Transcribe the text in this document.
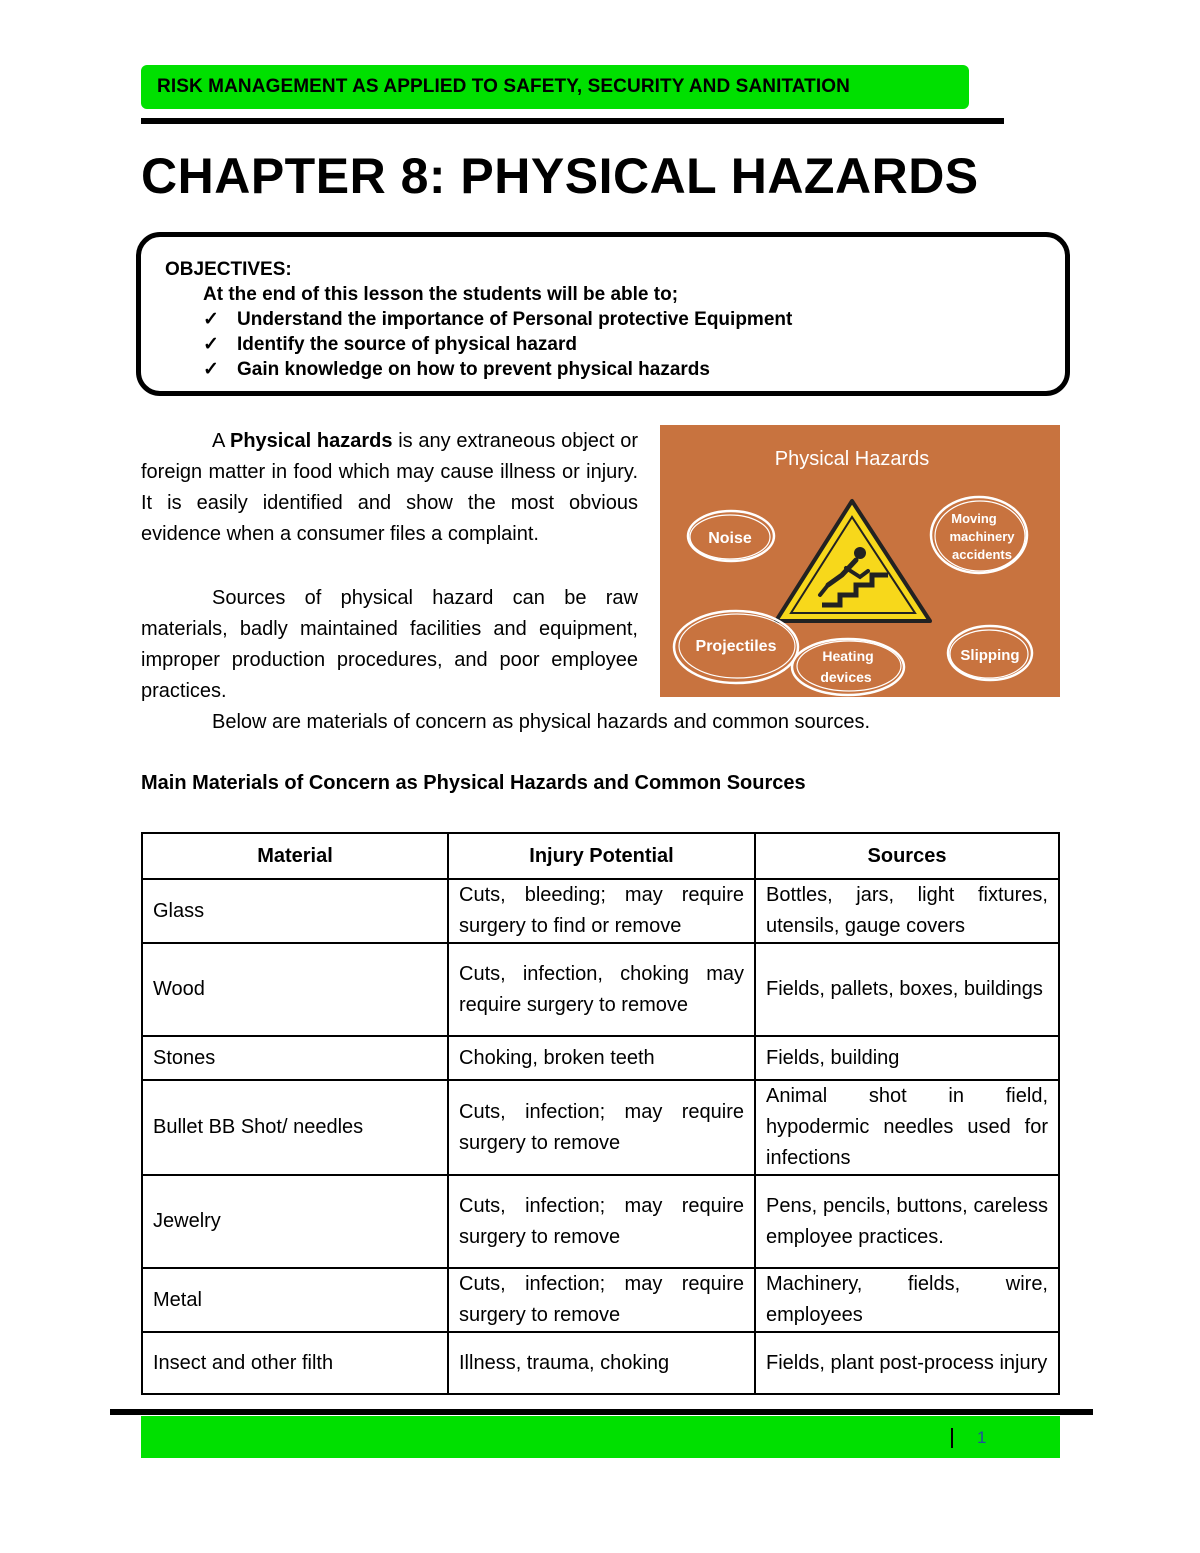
RISK MANAGEMENT AS APPLIED TO SAFETY, SECURITY AND SANITATION
CHAPTER 8: PHYSICAL HAZARDS
OBJECTIVES:
At the end of this lesson the students will be able to;
✓ Understand the importance of Personal protective Equipment
✓ Identify the source of physical hazard
✓ Gain knowledge on how to prevent physical hazards

A Physical hazards is any extraneous object or foreign matter in food which may cause illness or injury. It is easily identified and show the most obvious evidence when a consumer files a complaint.

Sources of physical hazard can be raw materials, badly maintained facilities and equipment, improper production procedures, and poor employee practices.

Below are materials of concern as physical hazards and common sources.

Physical Hazards
Noise
Moving
machinery
accidents
Projectiles
Heating
devices
Slipping

Main Materials of Concern as Physical Hazards and Common Sources

Material	Injury Potential	Sources
Glass	Cuts, bleeding; may require surgery to find or remove	Bottles, jars, light fixtures, utensils, gauge covers
Wood	Cuts, infection, choking may require surgery to remove	Fields, pallets, boxes, buildings
Stones	Choking, broken teeth	Fields, building
Bullet BB Shot/ needles	Cuts, infection; may require surgery to remove	Animal shot in field, hypodermic needles used for infections
Jewelry	Cuts, infection; may require surgery to remove	Pens, pencils, buttons, careless employee practices.
Metal	Cuts, infection; may require surgery to remove	Machinery, fields, wire, employees
Insect and other filth	Illness, trauma, choking	Fields, plant post-process injury
1
